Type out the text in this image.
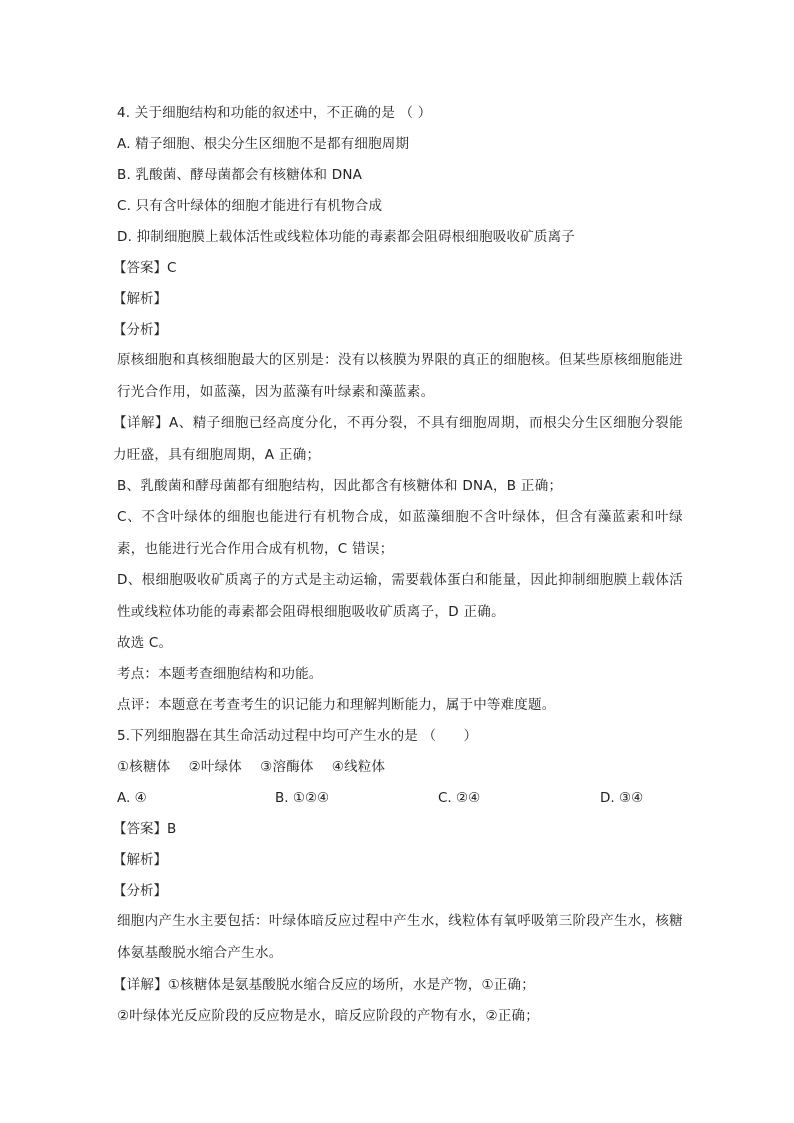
4. 关于细胞结构和功能的叙述中，不正确的是 （ ）
A. 精子细胞、根尖分生区细胞不是都有细胞周期
B. 乳酸菌、酵母菌都会有核糖体和 DNA
C. 只有含叶绿体的细胞才能进行有机物合成
D. 抑制细胞膜上载体活性或线粒体功能的毒素都会阻碍根细胞吸收矿质离子
【答案】C
【解析】
【分析】
原核细胞和真核细胞最大的区别是：没有以核膜为界限的真正的细胞核。但某些原核细胞能进行光合作用，如蓝藻，因为蓝藻有叶绿素和藻蓝素。
【详解】A、精子细胞已经高度分化，不再分裂，不具有细胞周期，而根尖分生区细胞分裂能力旺盛，具有细胞周期，A 正确；
B、乳酸菌和酵母菌都有细胞结构，因此都含有核糖体和 DNA，B 正确；
C、不含叶绿体的细胞也能进行有机物合成，如蓝藻细胞不含叶绿体，但含有藻蓝素和叶绿素，也能进行光合作用合成有机物，C 错误；
D、根细胞吸收矿质离子的方式是主动运输，需要载体蛋白和能量，因此抑制细胞膜上载体活性或线粒体功能的毒素都会阻碍根细胞吸收矿质离子，D 正确。
故选 C。
考点：本题考查细胞结构和功能。
点评：本题意在考查考生的识记能力和理解判断能力，属于中等难度题。
5.下列细胞器在其生命活动过程中均可产生水的是 （　　）
①核糖体　 ②叶绿体　 ③溶酶体　 ④线粒体
A. ④	B. ①②④	C. ②④	D. ③④
【答案】B
【解析】
【分析】
细胞内产生水主要包括：叶绿体暗反应过程中产生水，线粒体有氧呼吸第三阶段产生水，核糖体氨基酸脱水缩合产生水。
【详解】①核糖体是氨基酸脱水缩合反应的场所，水是产物，①正确；
②叶绿体光反应阶段的反应物是水，暗反应阶段的产物有水，②正确；
